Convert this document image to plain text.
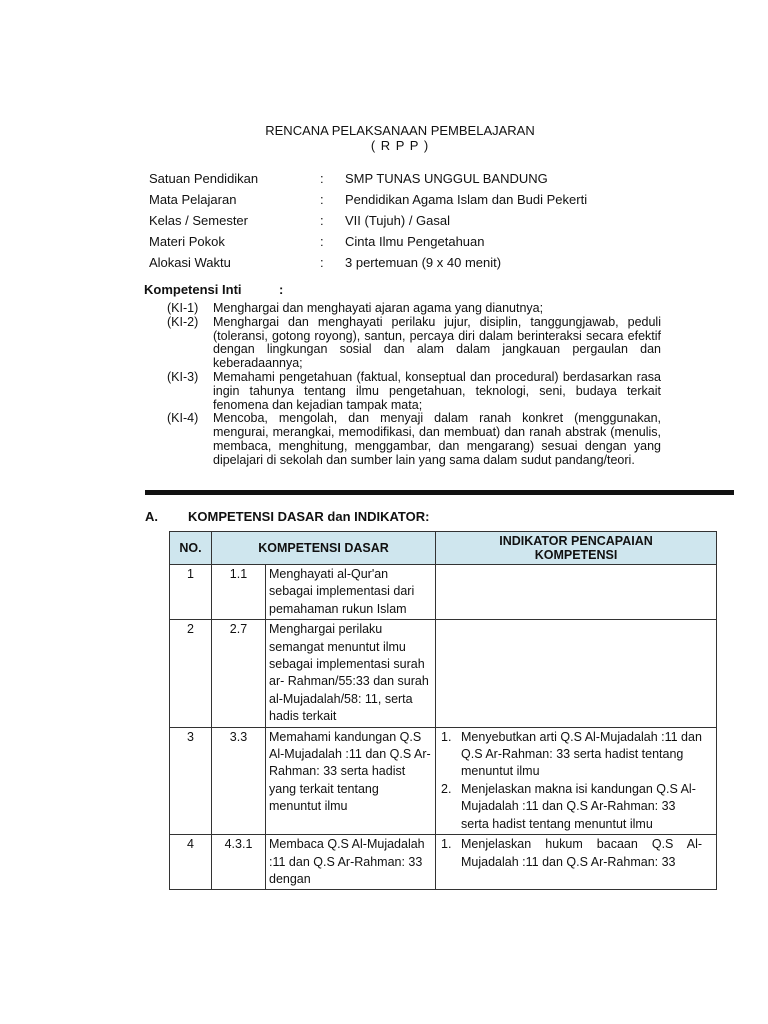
RENCANA PELAKSANAAN PEMBELAJARAN
( R P P )
Satuan Pendidikan	: SMP TUNAS UNGGUL BANDUNG
Mata Pelajaran	: Pendidikan Agama Islam dan Budi Pekerti
Kelas / Semester	: VII (Tujuh) / Gasal
Materi Pokok	: Cinta Ilmu Pengetahuan
Alokasi Waktu	: 3 pertemuan (9 x 40 menit)
Kompetensi Inti	:
(KI-1) Menghargai dan menghayati ajaran agama yang dianutnya;
(KI-2) Menghargai dan menghayati perilaku jujur, disiplin, tanggungjawab, peduli (toleransi, gotong royong), santun, percaya diri dalam berinteraksi secara efektif dengan lingkungan sosial dan alam dalam jangkauan pergaulan dan keberadaannya;
(KI-3) Memahami pengetahuan (faktual, konseptual dan procedural) berdasarkan rasa ingin tahunya tentang ilmu pengetahuan, teknologi, seni, budaya terkait fenomena dan kejadian tampak mata;
(KI-4) Mencoba, mengolah, dan menyaji dalam ranah konkret (menggunakan, mengurai, merangkai, memodifikasi, dan membuat) dan ranah abstrak (menulis, membaca, menghitung, menggambar, dan mengarang) sesuai dengan yang dipelajari di sekolah dan sumber lain yang sama dalam sudut pandang/teori.
A. KOMPETENSI DASAR dan INDIKATOR:
NO.	KOMPETENSI DASAR		INDIKATOR PENCAPAIAN
KOMPETENSI

1	1.1	Menghayati al-Qur'an sebagai implementasi dari pemahaman rukun Islam	
2	2.7	Menghargai perilaku semangat menuntut ilmu sebagai implementasi surah ar- Rahman/55:33 dan surah al-Mujadalah/58: 11, serta hadis terkait	
3	3.3	Memahami kandungan Q.S Al-Mujadalah :11 dan Q.S Ar-Rahman: 33 serta hadist yang terkait tentang menuntut ilmu	1. Menyebutkan arti Q.S Al-Mujadalah :11 dan Q.S Ar-Rahman: 33 serta hadist tentang menuntut ilmu
2. Menjelaskan makna isi kandungan Q.S Al-Mujadalah :11 dan Q.S Ar-Rahman: 33 serta hadist tentang menuntut ilmu

4	4.3.1	Membaca Q.S Al-Mujadalah :11 dan Q.S Ar-Rahman: 33 dengan	1. Menjelaskan hukum bacaan Q.S Al-Mujadalah :11 dan Q.S Ar-Rahman: 33
